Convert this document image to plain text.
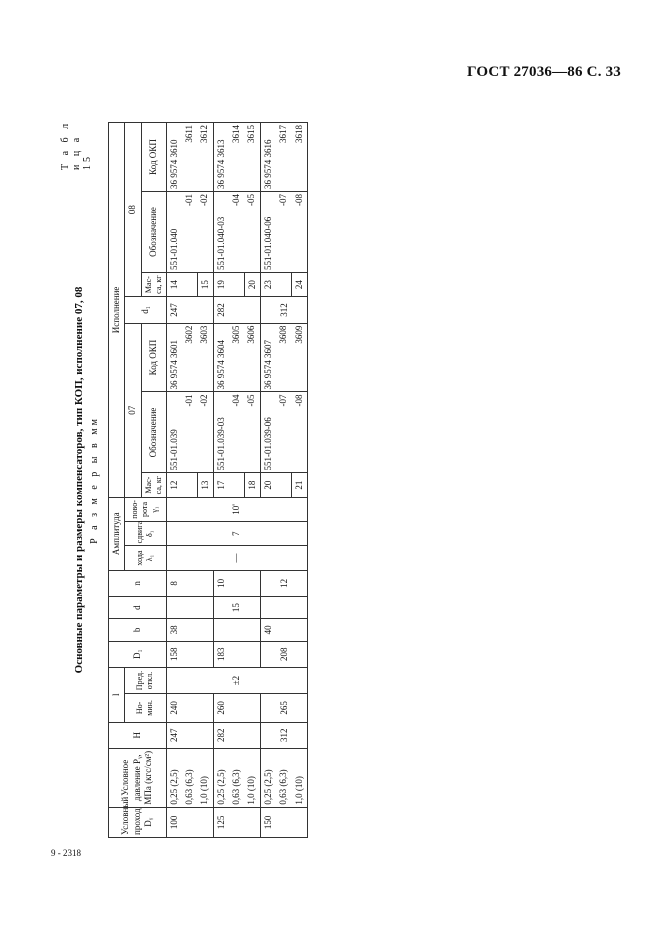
ГОСТ 27036—86 С. 33
9 - 2318
Т а б л и ц а 15
Основные параметры и размеры компенсаторов, тип КОП, исполнение 07, 08 Р а з м е р ы в мм
Условный проход Dᵧ	Условное давление Pᵧ, МПа (кгс/см²)	H	l		D₁	b	d	n	Амплитуда			Исполнение						
			Но-мин.	Пред. откл.					хода λ₁	сдвига δ₁	пово-рота γ₁	07			d₁	08		
												Мас-са, кг	Обозначение	Код ОКП		Мас-са, кг	Обозначение	Код ОКП
100	0,25 (2,5)	247	240	±2	158	38		8	—	7	10'	12	551-01.039	36 9574 3601	247	14	551-01.040	36 9574 3610
	0,63 (6,3)												-01	3602			-01	3611
	1,0 (10)											13	-02	3603		15	-02	3612
125	0,25 (2,5)	282	260		183		15	10				17	551-01.039-03	36 9574 3604	282	19	551-01.040-03	36 9574 3613
	0,63 (6,3)												-04	3605			-04	3614
	1,0 (10)											18	-05	3606		20	-05	3615
150	0,25 (2,5)	312	265		208	40		12				20	551-01.039-06	36 9574 3607	312	23	551-01.040-06	36 9574 3616
	0,63 (6,3)												-07	3608			-07	3617
	1,0 (10)											21	-08	3609		24	-08	3618
